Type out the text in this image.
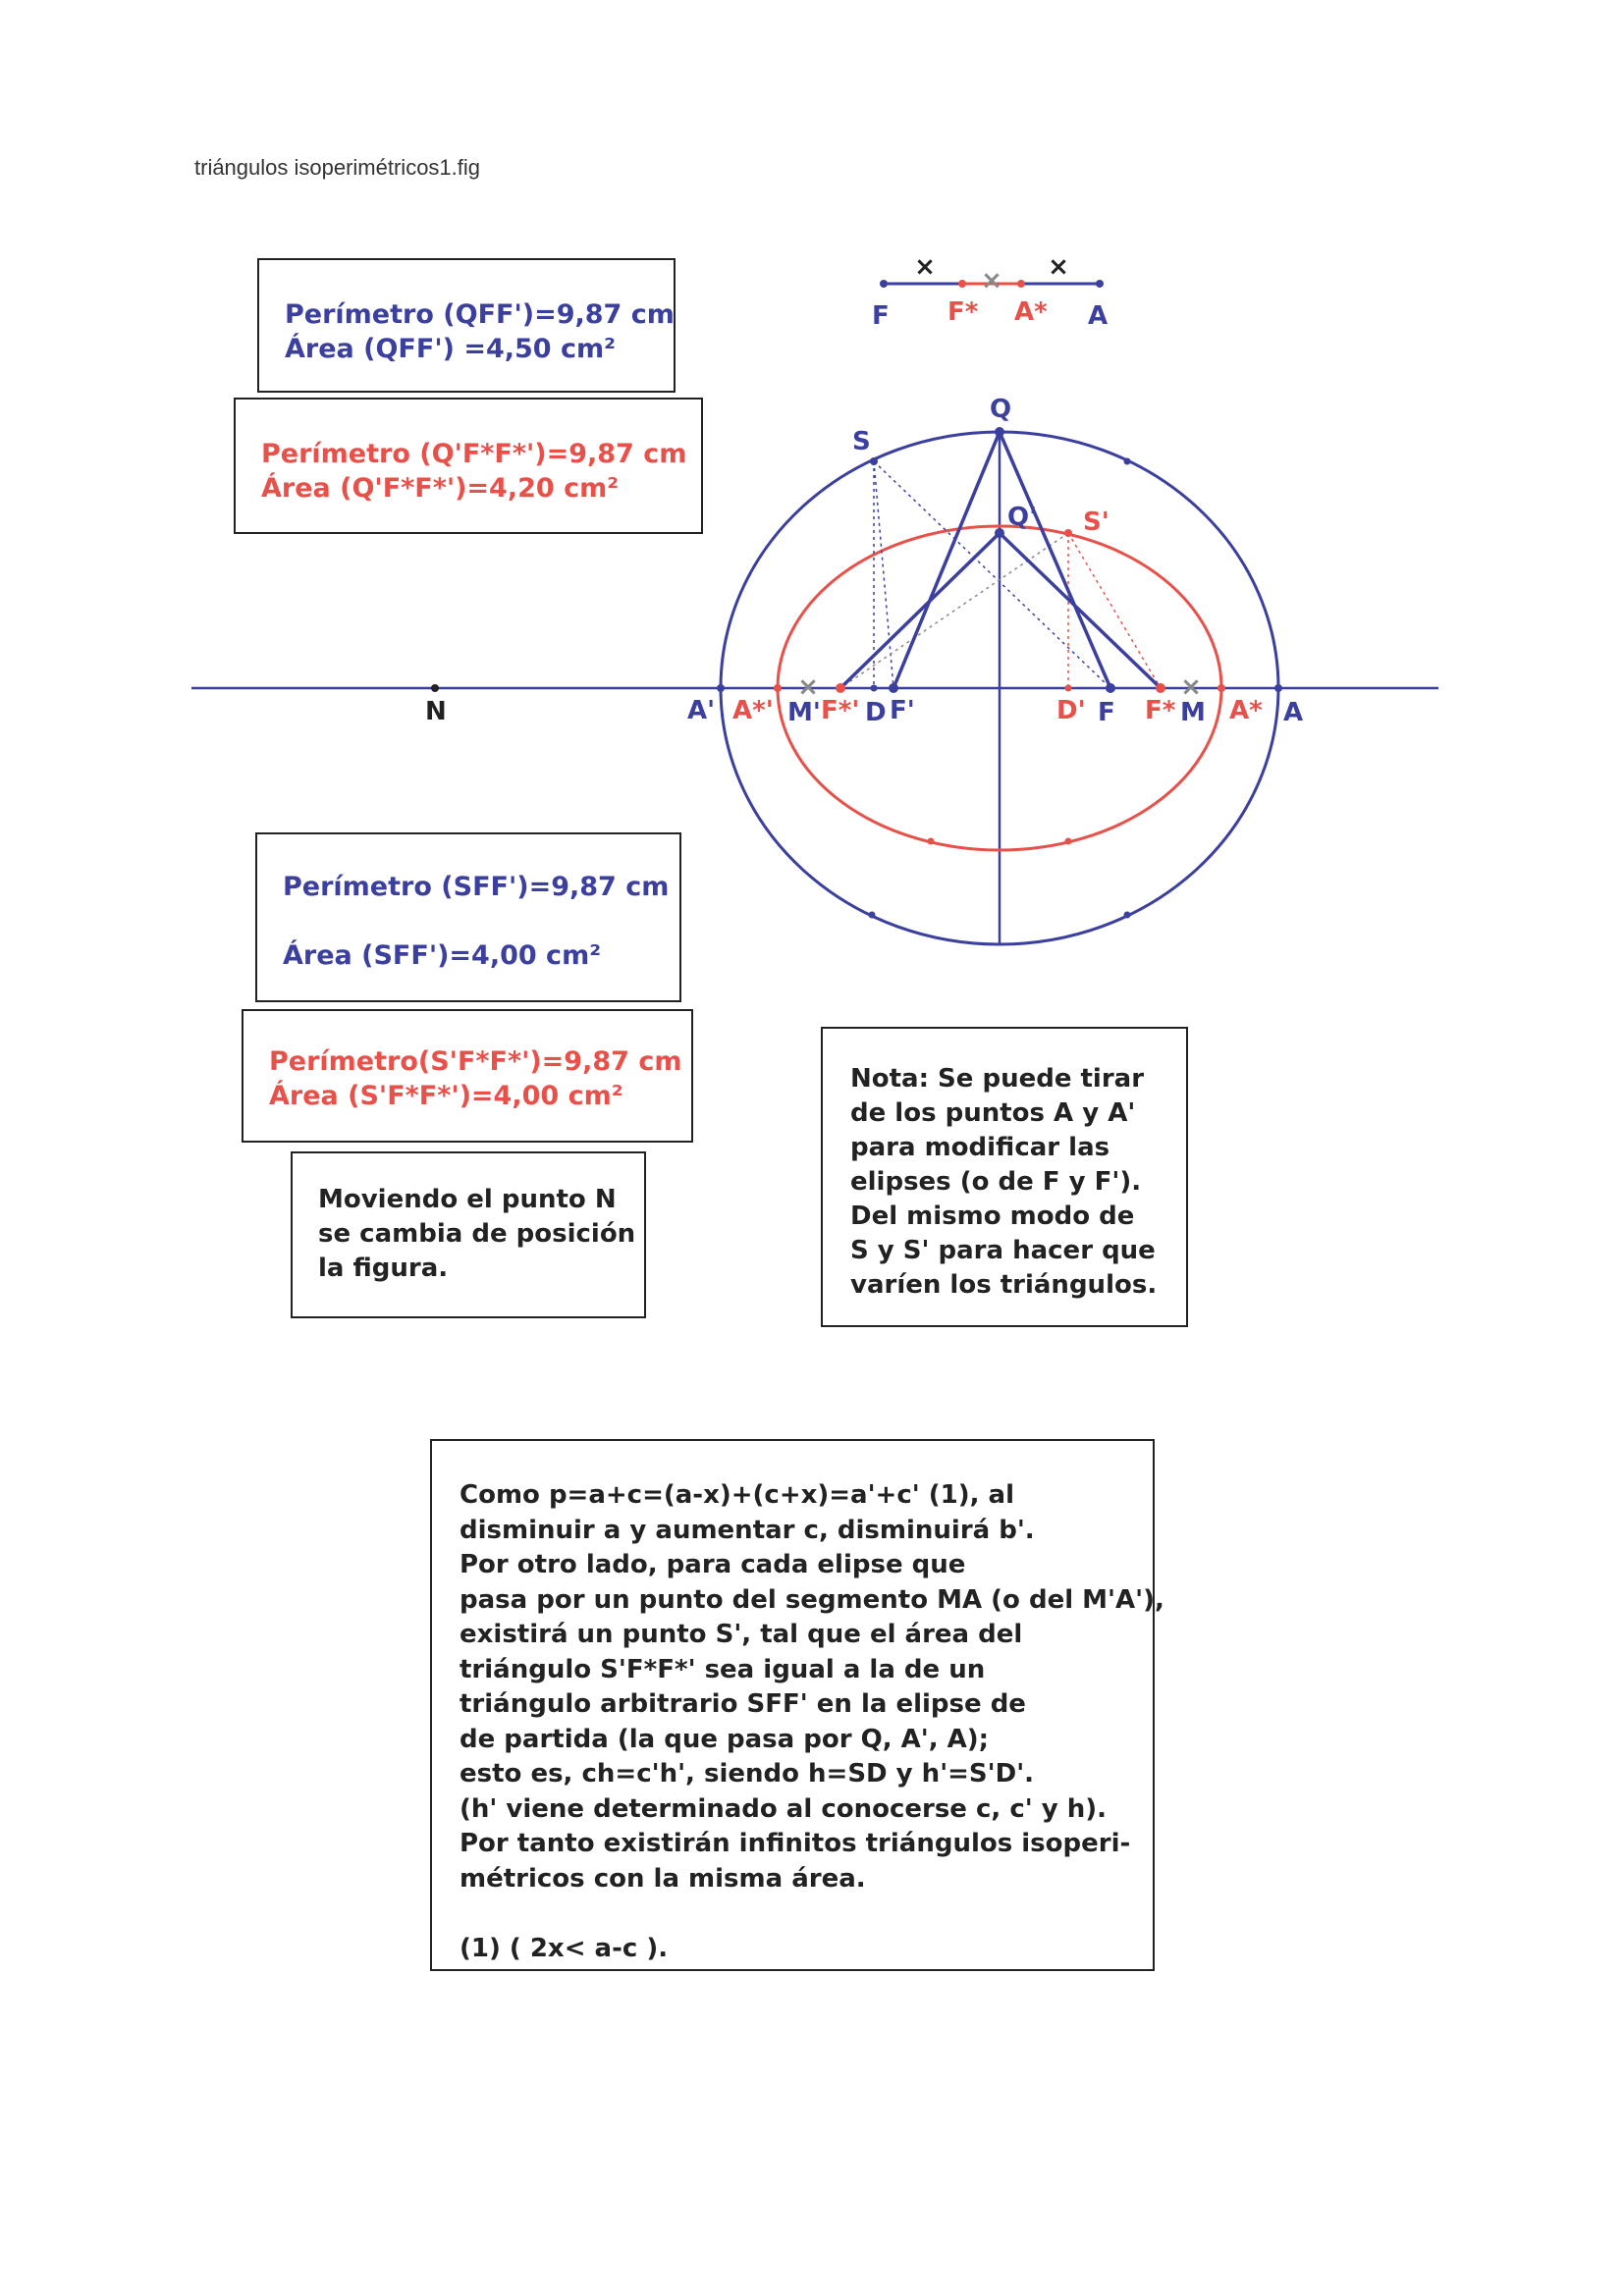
triángulos isoperimétricos1.fig
×
×	×
F F* A* A
×	×
Q
Q'
S
S'
N	A' A*' M' F*' D F'	D' F F* M A* A
Perímetro (QFF')=9,87 cm
Área (QFF') =4,50 cm²
Perímetro (Q'F*F*')=9,87 cm
Área (Q'F*F*')=4,20 cm²
Perímetro (SFF')=9,87 cm
Área (SFF')=4,00 cm²
Perímetro(S'F*F*')=9,87 cm
Área (S'F*F*')=4,00 cm²
Moviendo el punto N
se cambia de posición
la figura.
Nota: Se puede tirar
de los puntos A y A'
para modificar las
elipses (o de F y F').
Del mismo modo de
S y S' para hacer que
varíen los triángulos.
Como p=a+c=(a-x)+(c+x)=a'+c' (1), al
disminuir a y aumentar c, disminuirá b'.
Por otro lado, para cada elipse que
pasa por un punto del segmento MA (o del M'A'),
existirá un punto S', tal que el área del
triángulo S'F*F*' sea igual a la de un
triángulo arbitrario SFF' en la elipse de
de partida (la que pasa por Q, A', A);
esto es, ch=c'h', siendo h=SD y h'=S'D'.
(h' viene determinado al conocerse c, c' y h).
Por tanto existirán infinitos triángulos isoperi-
métricos con la misma área.
(1) ( 2x< a-c ).
